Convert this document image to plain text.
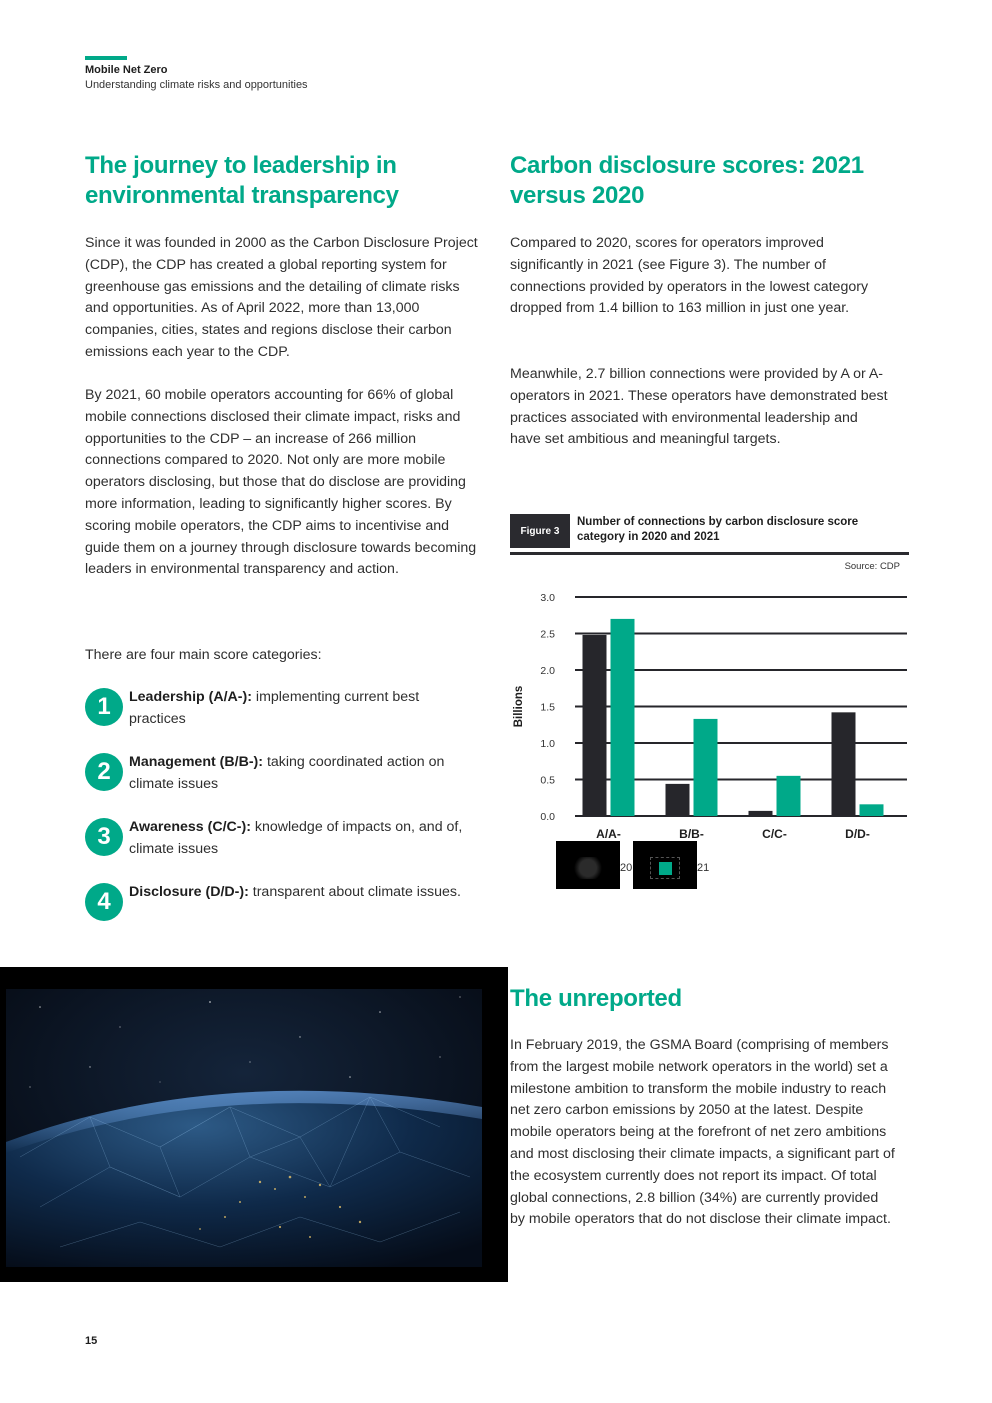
Mobile Net Zero
Understanding climate risks and opportunities
The journey to leadership in environmental transparency

Since it was founded in 2000 as the Carbon Disclosure Project (CDP), the CDP has created a global reporting system for greenhouse gas emissions and the detailing of climate risks and opportunities. As of April 2022, more than 13,000 companies, cities, states and regions disclose their carbon emissions each year to the CDP.

By 2021, 60 mobile operators accounting for 66% of global mobile connections disclosed their climate impact, risks and opportunities to the CDP – an increase of 266 million connections compared to 2020. Not only are more mobile operators disclosing, but those that do disclose are providing more information, leading to significantly higher scores. By scoring mobile operators, the CDP aims to incentivise and guide them on a journey through disclosure towards becoming leaders in environmental transparency and action.

There are four main score categories:

1	Leadership (A/A-): implementing current best practices
2	Management (B/B-): taking coordinated action on climate issues
3	Awareness (C/C-): knowledge of impacts on, and of, climate issues
4	Disclosure (D/D-): transparent about climate issues.
Carbon disclosure scores: 2021 versus 2020

Compared to 2020, scores for operators improved significantly in 2021 (see Figure 3). The number of connections provided by operators in the lowest category dropped from 1.4 billion to 163 million in just one year.

Meanwhile, 2.7 billion connections were provided by A or A- operators in 2021. These operators have demonstrated best practices associated with environmental leadership and have set ambitious and meaningful targets.

Figure 3
Number of connections by carbon disclosure score category in 2020 and 2021
Source: CDP
0.0
0.5
1.0
1.5
2.0
2.5
3.0
Billions
A/A-	B/B-	C/C-	D/D-
20	21
The unreported

In February 2019, the GSMA Board (comprising of members from the largest mobile network operators in the world) set a milestone ambition to transform the mobile industry to reach net zero carbon emissions by 2050 at the latest. Despite mobile operators being at the forefront of net zero ambitions and most disclosing their climate impacts, a significant part of the ecosystem currently does not report its impact. Of total global connections, 2.8 billion (34%) are currently provided by mobile operators that do not disclose their climate impact.

15
